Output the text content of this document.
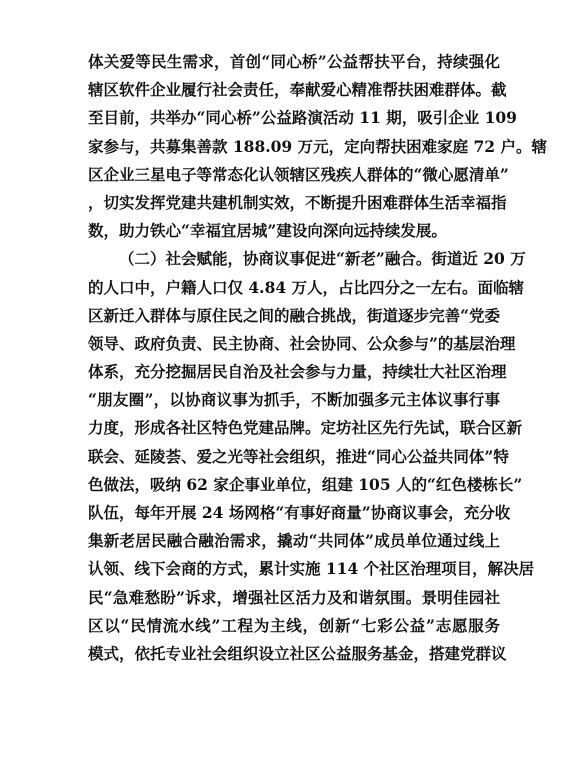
体关爱等民生需求，首创“同心桥”公益帮扶平台，持续强化
辖区软件企业履行社会责任，奉献爱心精准帮扶困难群体。截
至目前，共举办“同心桥”公益路演活动 11 期，吸引企业 109
家参与，共募集善款 188.09 万元，定向帮扶困难家庭 72 户。辖
区企业三星电子等常态化认领辖区残疾人群体的“微心愿清单”
，切实发挥党建共建机制实效，不断提升困难群体生活幸福指
数，助力铁心“幸福宜居城”建设向深向远持续发展。
（二）社会赋能，协商议事促进“新老”融合。街道近 20 万
的人口中，户籍人口仅 4.84 万人，占比四分之一左右。面临辖
区新迁入群体与原住民之间的融合挑战，街道逐步完善“党委
领导、政府负责、民主协商、社会协同、公众参与”的基层治理
体系，充分挖掘居民自治及社会参与力量，持续壮大社区治理
“朋友圈”，以协商议事为抓手，不断加强多元主体议事行事
力度，形成各社区特色党建品牌。定坊社区先行先试，联合区新
联会、延陵荟、爱之光等社会组织，推进“同心公益共同体”特
色做法，吸纳 62 家企事业单位，组建 105 人的“红色楼栋长”
队伍，每年开展 24 场网格“有事好商量”协商议事会，充分收
集新老居民融合融治需求，撬动“共同体”成员单位通过线上
认领、线下会商的方式，累计实施 114 个社区治理项目，解决居
民“急难愁盼”诉求，增强社区活力及和谐氛围。景明佳园社
区以“民情流水线”工程为主线，创新“七彩公益”志愿服务
模式，依托专业社会组织设立社区公益服务基金，搭建党群议
